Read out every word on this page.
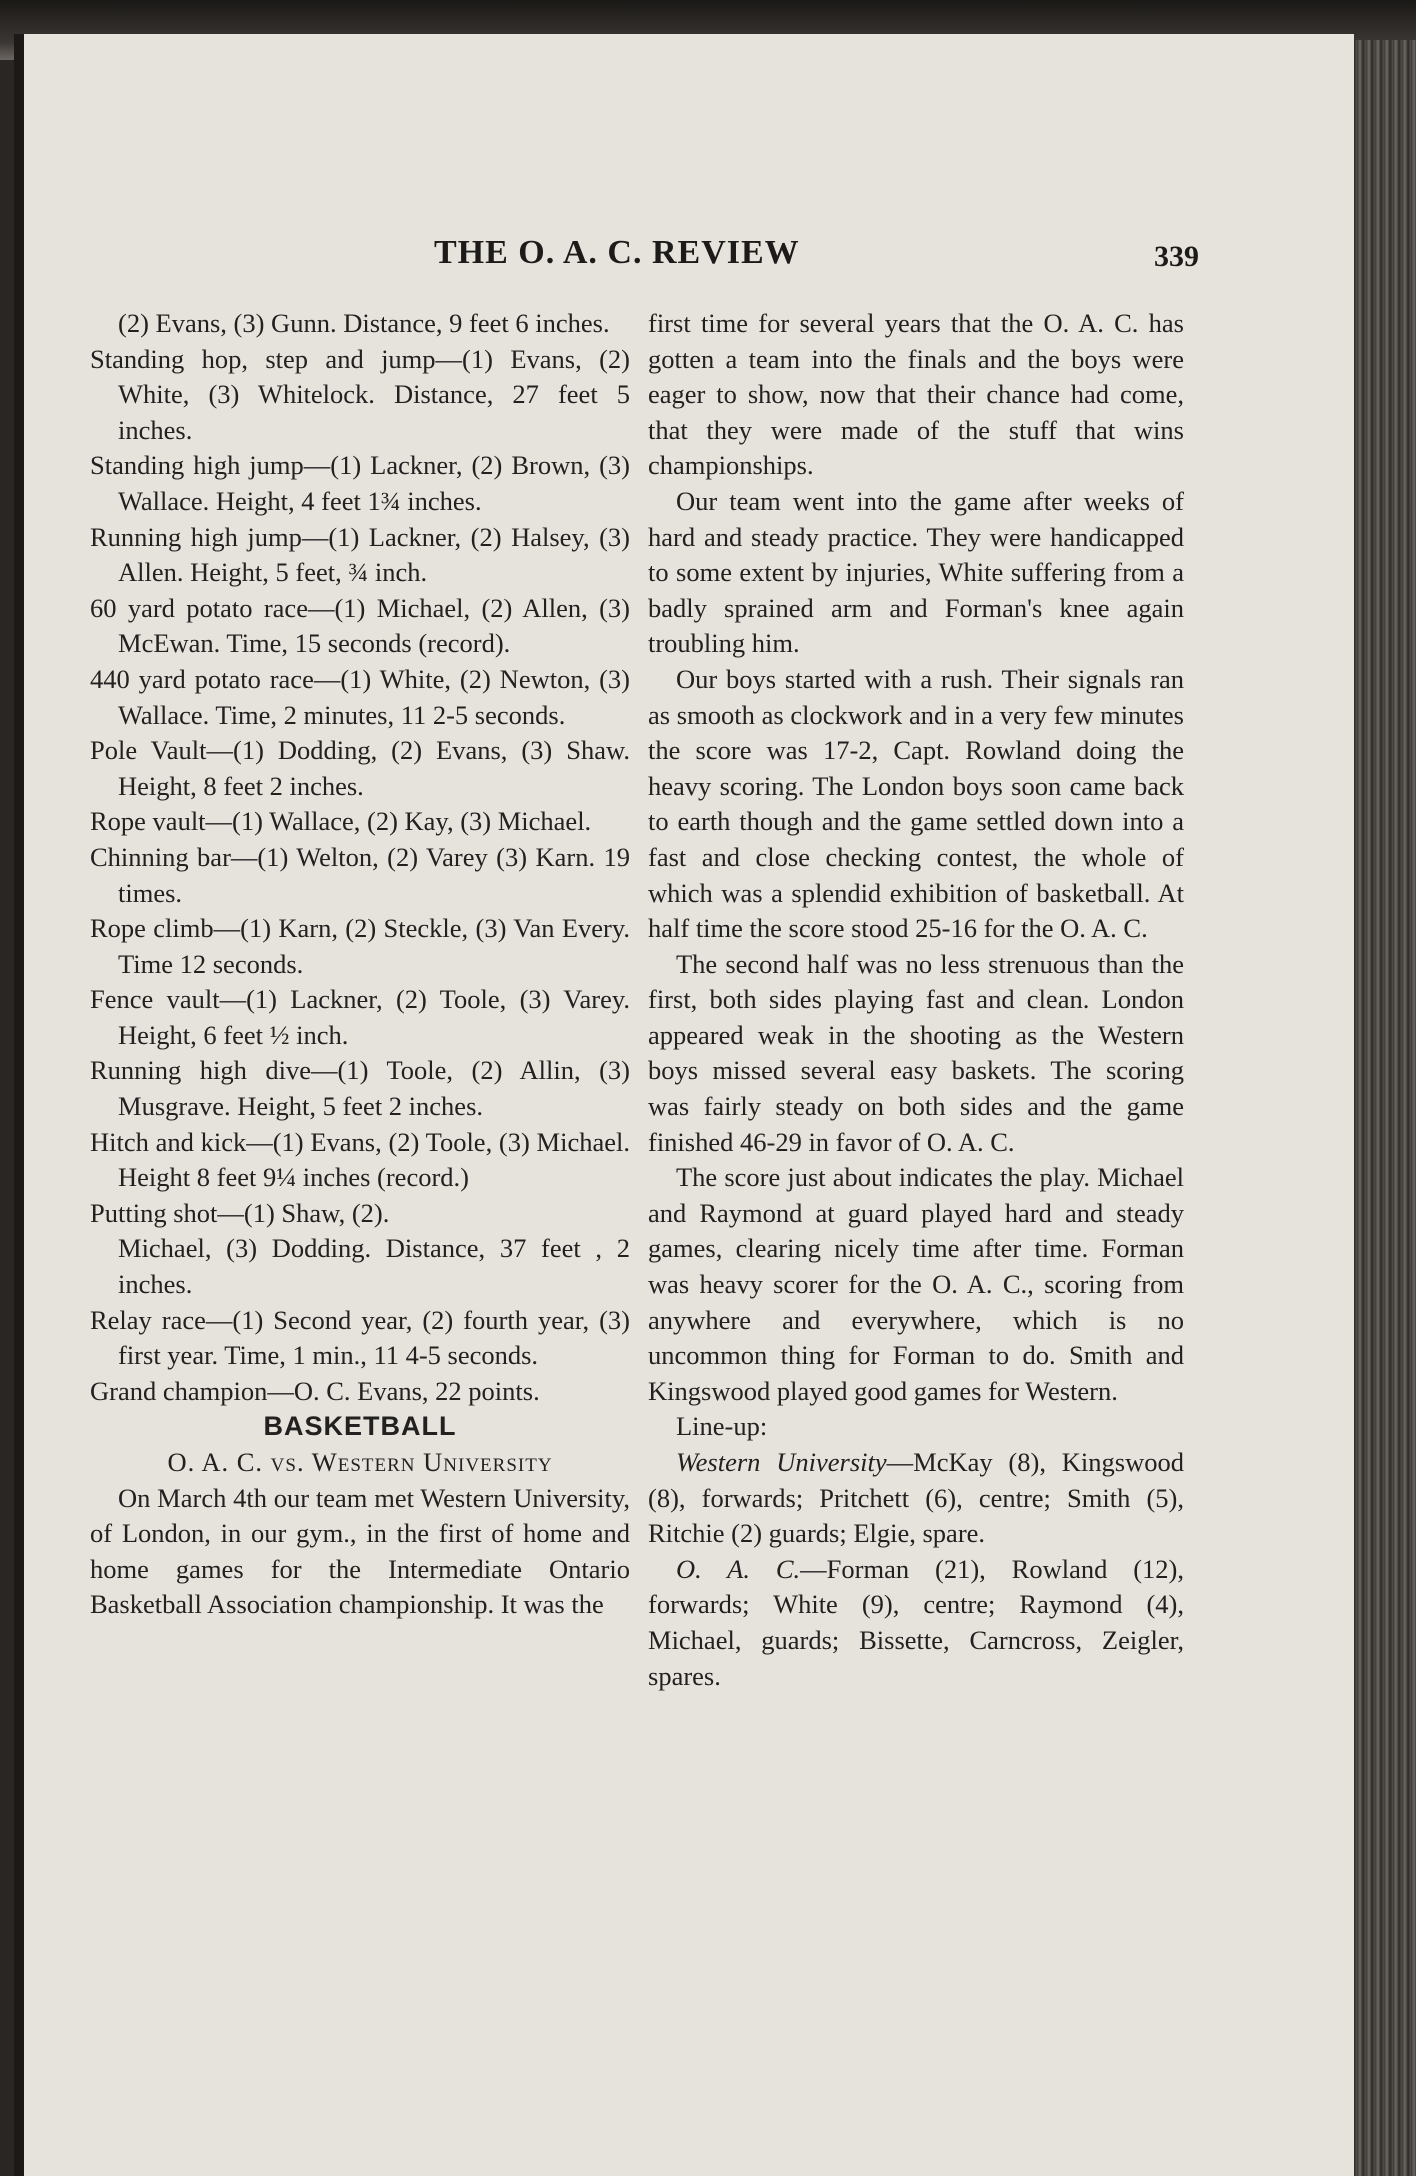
THE O. A. C. REVIEW	339

(2) Evans, (3) Gunn. Distance, 9 feet 6 inches.

Standing hop, step and jump—(1) Evans, (2) White, (3) Whitelock. Distance, 27 feet 5 inches.

Standing high jump—(1) Lackner, (2) Brown, (3) Wallace. Height, 4 feet 1¾ inches.

Running high jump—(1) Lackner, (2) Halsey, (3) Allen. Height, 5 feet, ¾ inch.

60 yard potato race—(1) Michael, (2) Allen, (3) McEwan. Time, 15 seconds (record).

440 yard potato race—(1) White, (2) Newton, (3) Wallace. Time, 2 minutes, 11 2-5 seconds.

Pole Vault—(1) Dodding, (2) Evans, (3) Shaw. Height, 8 feet 2 inches.

Rope vault—(1) Wallace, (2) Kay, (3) Michael.

Chinning bar—(1) Welton, (2) Varey (3) Karn. 19 times.

Rope climb—(1) Karn, (2) Steckle, (3) Van Every. Time 12 seconds.

Fence vault—(1) Lackner, (2) Toole, (3) Varey. Height, 6 feet ½ inch.

Running high dive—(1) Toole, (2) Allin, (3) Musgrave. Height, 5 feet 2 inches.

Hitch and kick—(1) Evans, (2) Toole, (3) Michael. Height 8 feet 9¼ inches (record.)

Putting shot—(1) Shaw, (2).

Michael, (3) Dodding. Distance, 37 feet , 2 inches.

Relay race—(1) Second year, (2) fourth year, (3) first year. Time, 1 min., 11 4-5 seconds.

Grand champion—O. C. Evans, 22 points.

BASKETBALL

O. A. C. vs. Western University

On March 4th our team met Western University, of London, in our gym., in the first of home and home games for the Intermediate Ontario Basketball Association championship. It was the

first time for several years that the O. A. C. has gotten a team into the finals and the boys were eager to show, now that their chance had come, that they were made of the stuff that wins championships.

Our team went into the game after weeks of hard and steady practice. They were handicapped to some extent by injuries, White suffering from a badly sprained arm and Forman's knee again troubling him.

Our boys started with a rush. Their signals ran as smooth as clockwork and in a very few minutes the score was 17-2, Capt. Rowland doing the heavy scoring. The London boys soon came back to earth though and the game settled down into a fast and close checking contest, the whole of which was a splendid exhibition of basketball. At half time the score stood 25-16 for the O. A. C.

The second half was no less strenuous than the first, both sides playing fast and clean. London appeared weak in the shooting as the Western boys missed several easy baskets. The scoring was fairly steady on both sides and the game finished 46-29 in favor of O. A. C.

The score just about indicates the play. Michael and Raymond at guard played hard and steady games, clearing nicely time after time. Forman was heavy scorer for the O. A. C., scoring from anywhere and everywhere, which is no uncommon thing for Forman to do. Smith and Kingswood played good games for Western.

Line-up:

Western University—McKay (8), Kingswood (8), forwards; Pritchett (6), centre; Smith (5), Ritchie (2) guards; Elgie, spare.

O. A. C.—Forman (21), Rowland (12), forwards; White (9), centre; Raymond (4), Michael, guards; Bissette, Carncross, Zeigler, spares.
